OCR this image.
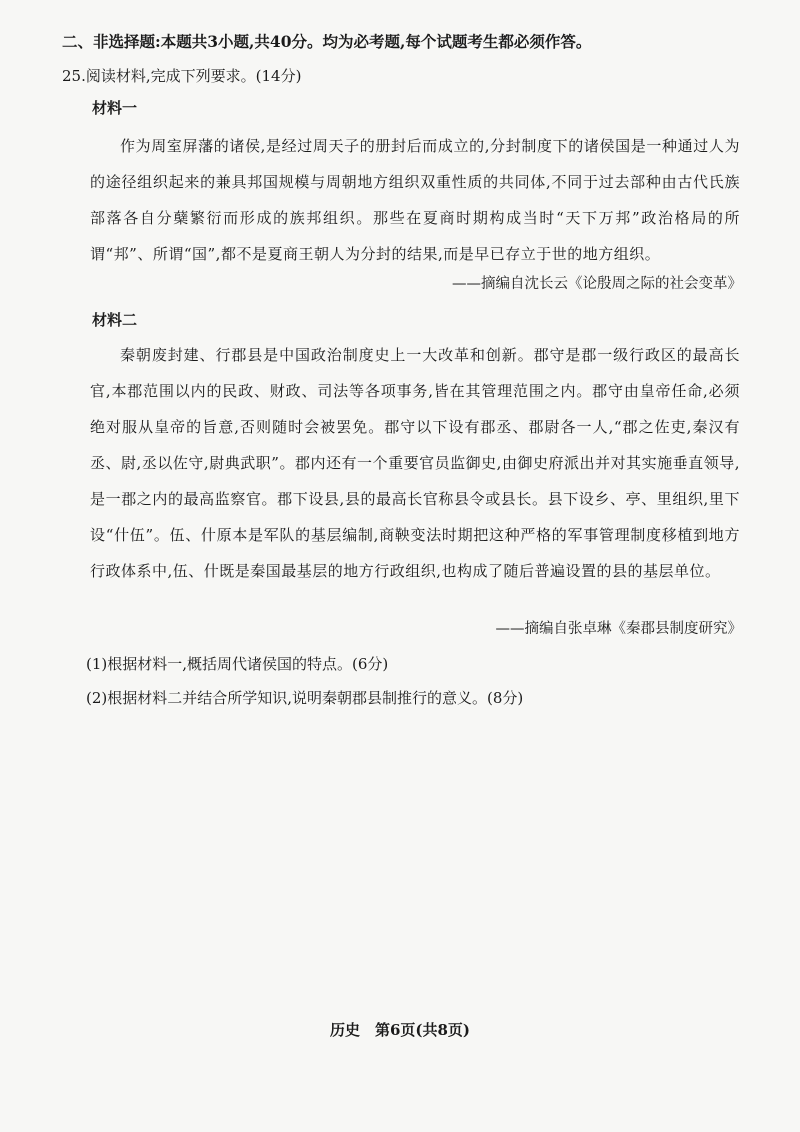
二、非选择题:本题共3小题,共40分。均为必考题,每个试题考生都必须作答。
25.阅读材料,完成下列要求。(14分)
材料一
作为周室屏藩的诸侯,是经过周天子的册封后而成立的,分封制度下的诸侯国是一种通过人为的途径组织起来的兼具邦国规模与周朝地方组织双重性质的共同体,不同于过去部种由古代氏族部落各自分蘖繁衍而形成的族邦组织。那些在夏商时期构成当时“天下万邦”政治格局的所谓“邦”、所谓“国”,都不是夏商王朝人为分封的结果,而是早已存立于世的地方组织。
——摘编自沈长云《论殷周之际的社会变革》
材料二
秦朝废封建、行郡县是中国政治制度史上一大改革和创新。郡守是郡一级行政区的最高长官,本郡范围以内的民政、财政、司法等各项事务,皆在其管理范围之内。郡守由皇帝任命,必须绝对服从皇帝的旨意,否则随时会被罢免。郡守以下设有郡丞、郡尉各一人,“郡之佐吏,秦汉有丞、尉,丞以佐守,尉典武职”。郡内还有一个重要官员监御史,由御史府派出并对其实施垂直领导,是一郡之内的最高监察官。郡下设县,县的最高长官称县令或县长。县下设乡、亭、里组织,里下设“什伍”。伍、什原本是军队的基层编制,商鞅变法时期把这种严格的军事管理制度移植到地方行政体系中,伍、什既是秦国最基层的地方行政组织,也构成了随后普遍设置的县的基层单位。
——摘编自张卓琳《秦郡县制度研究》
(1)根据材料一,概括周代诸侯国的特点。(6分)
(2)根据材料二并结合所学知识,说明秦朝郡县制推行的意义。(8分)
历史　第6页(共8页)
